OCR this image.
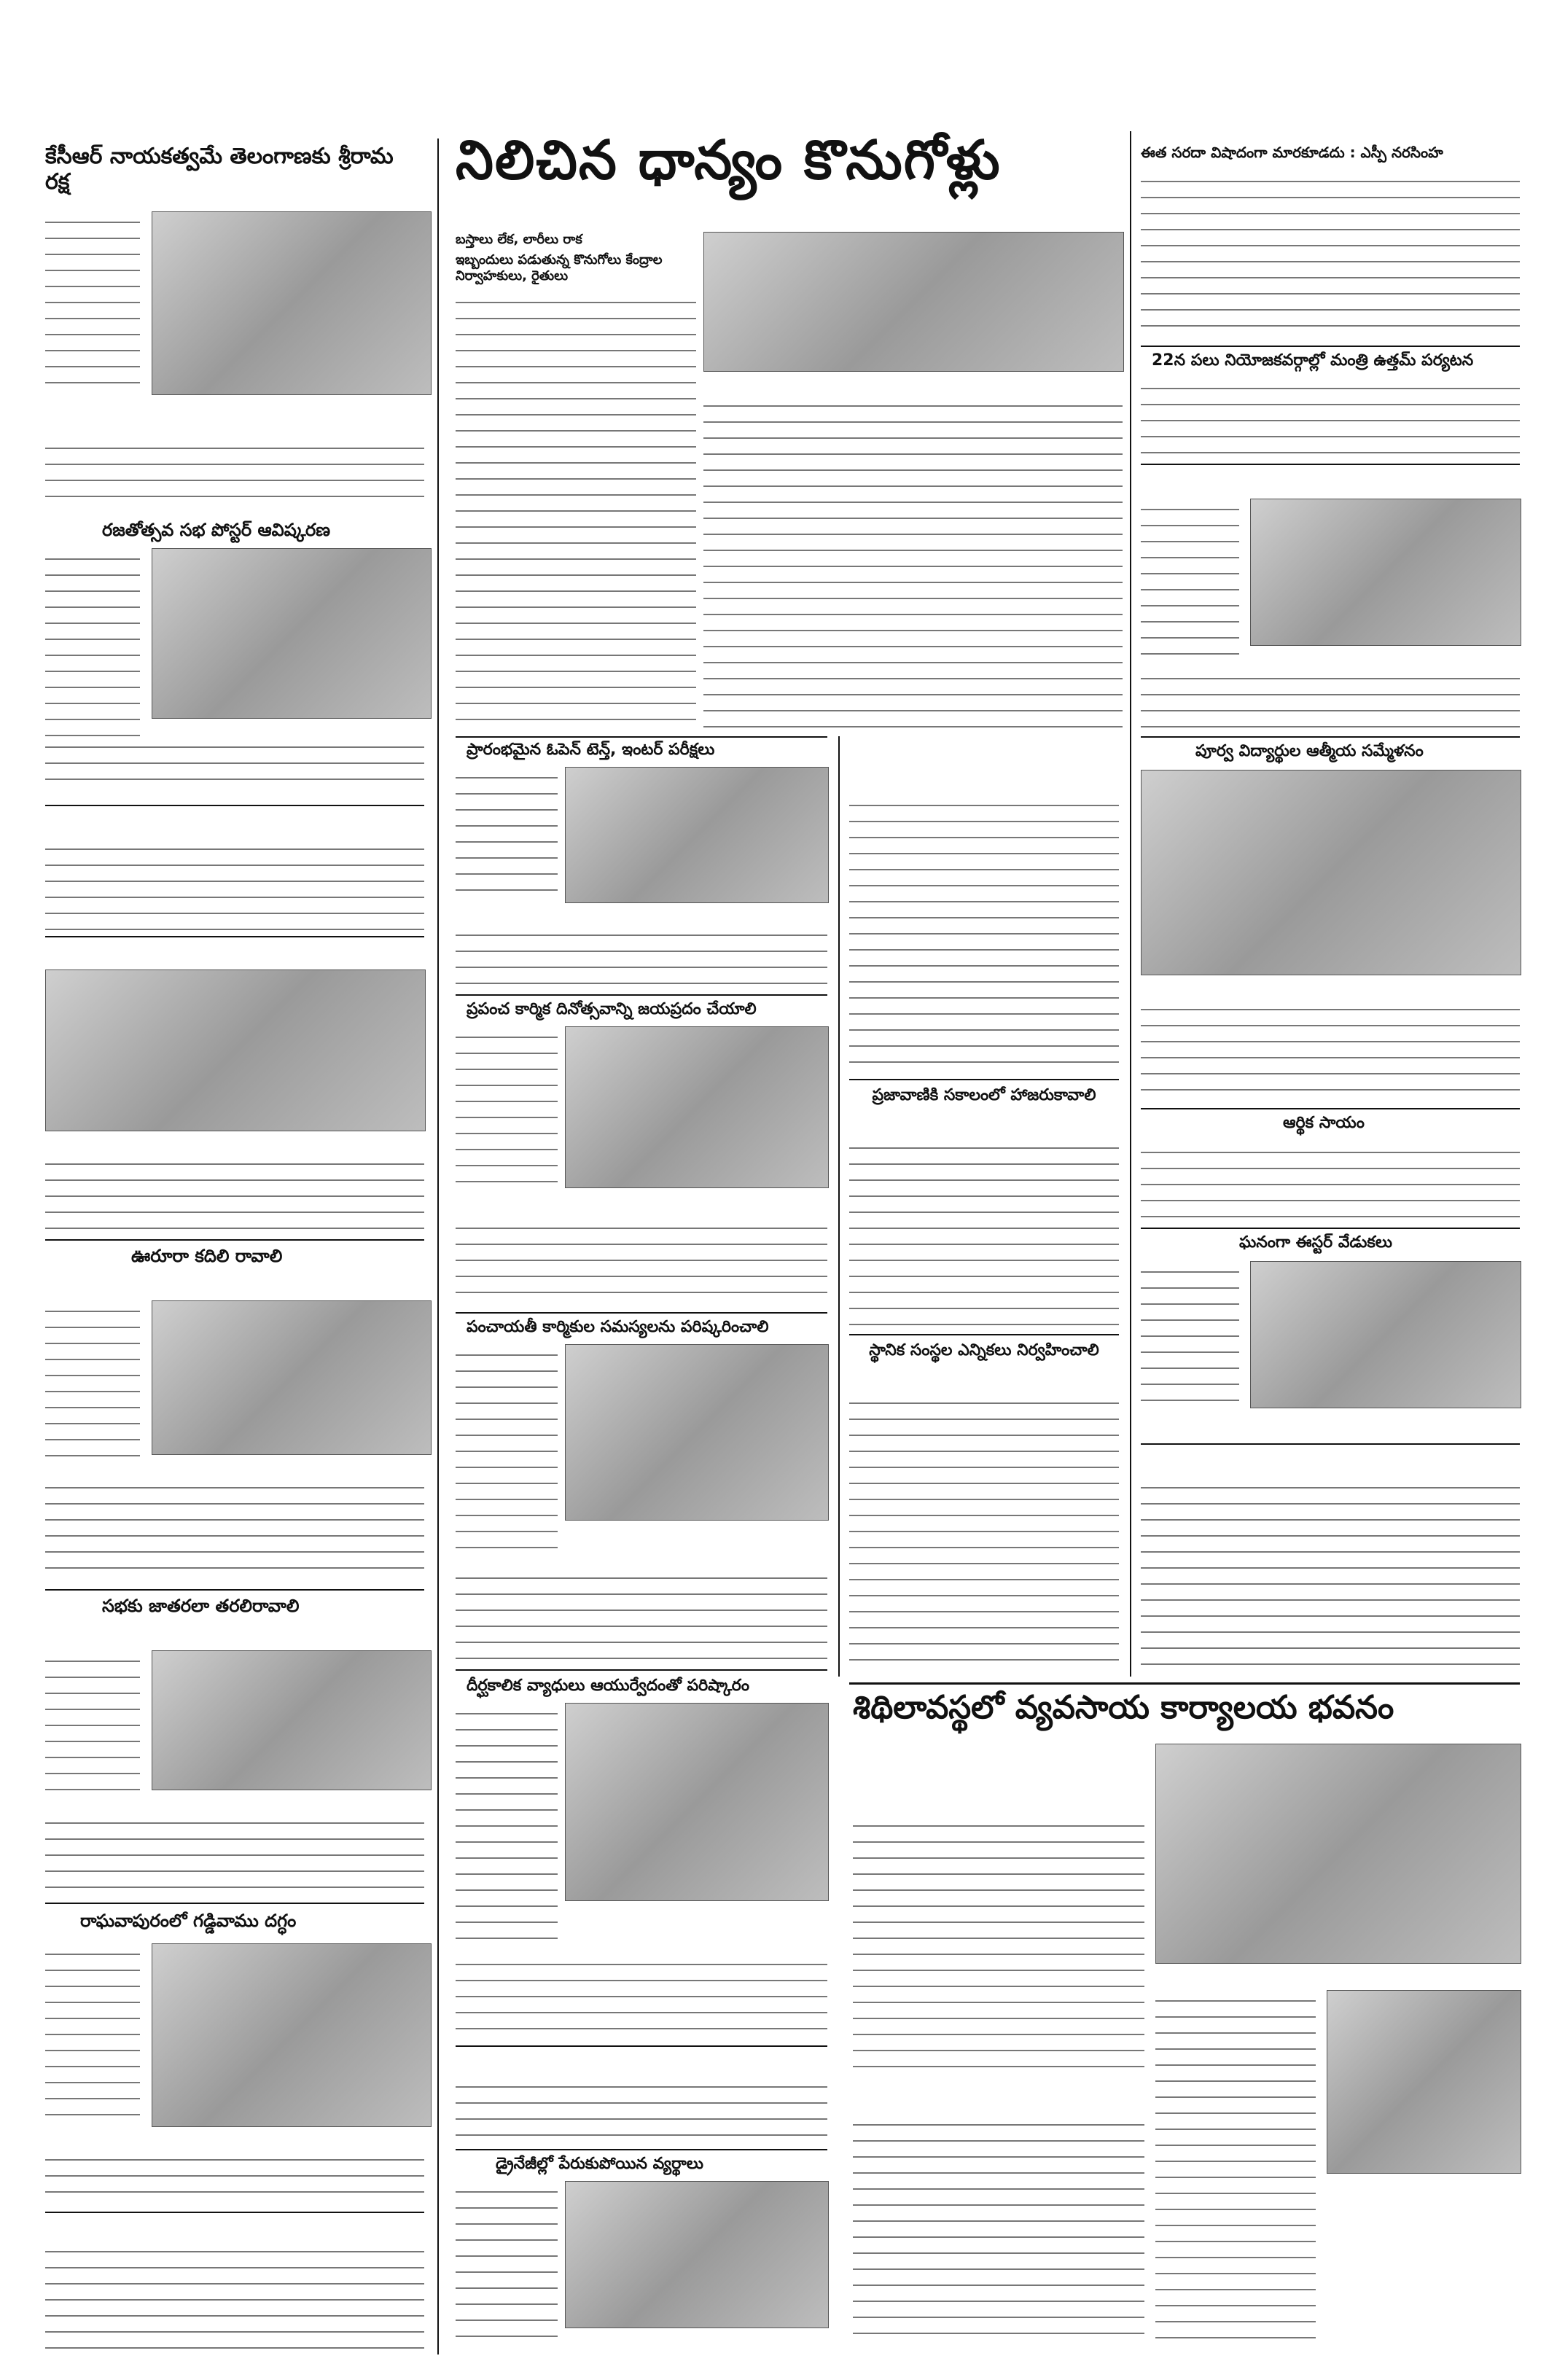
కేసీఆర్ నాయకత్వమే తెలంగాణకు శ్రీరామ రక్ష
రజతోత్సవ సభ పోస్టర్ ఆవిష్కరణ
ఊరూరా కదిలి రావాలి
సభకు జాతరలా తరలిరావాలి
రాఘవాపురంలో గడ్డివాము దగ్ధం
నిలిచిన ధాన్యం కొనుగోళ్లు
బస్తాలు లేక, లారీలు రాక
ఇబ్బందులు పడుతున్న కొనుగోలు కేంద్రాల నిర్వాహకులు, రైతులు
ప్రారంభమైన ఓపెన్ టెన్త్, ఇంటర్ పరీక్షలు
ప్రపంచ కార్మిక దినోత్సవాన్ని జయప్రదం చేయాలి
పంచాయతీ కార్మికుల సమస్యలను పరిష్కరించాలి
దీర్ఘకాలిక వ్యాధులు ఆయుర్వేదంతో పరిష్కారం
డ్రైనేజీల్లో పేరుకుపోయిన వ్యర్థాలు
ప్రజావాణికి సకాలంలో హాజరుకావాలి
స్థానిక సంస్థల ఎన్నికలు నిర్వహించాలి
ఈత సరదా విషాదంగా మారకూడదు : ఎస్పీ నరసింహ
22న పలు నియోజకవర్గాల్లో మంత్రి ఉత్తమ్ పర్యటన
పూర్వ విద్యార్థుల ఆత్మీయ సమ్మేళనం
ఆర్థిక సాయం
ఘనంగా ఈస్టర్ వేడుకలు
శిథిలావస్థలో వ్యవసాయ కార్యాలయ భవనం
